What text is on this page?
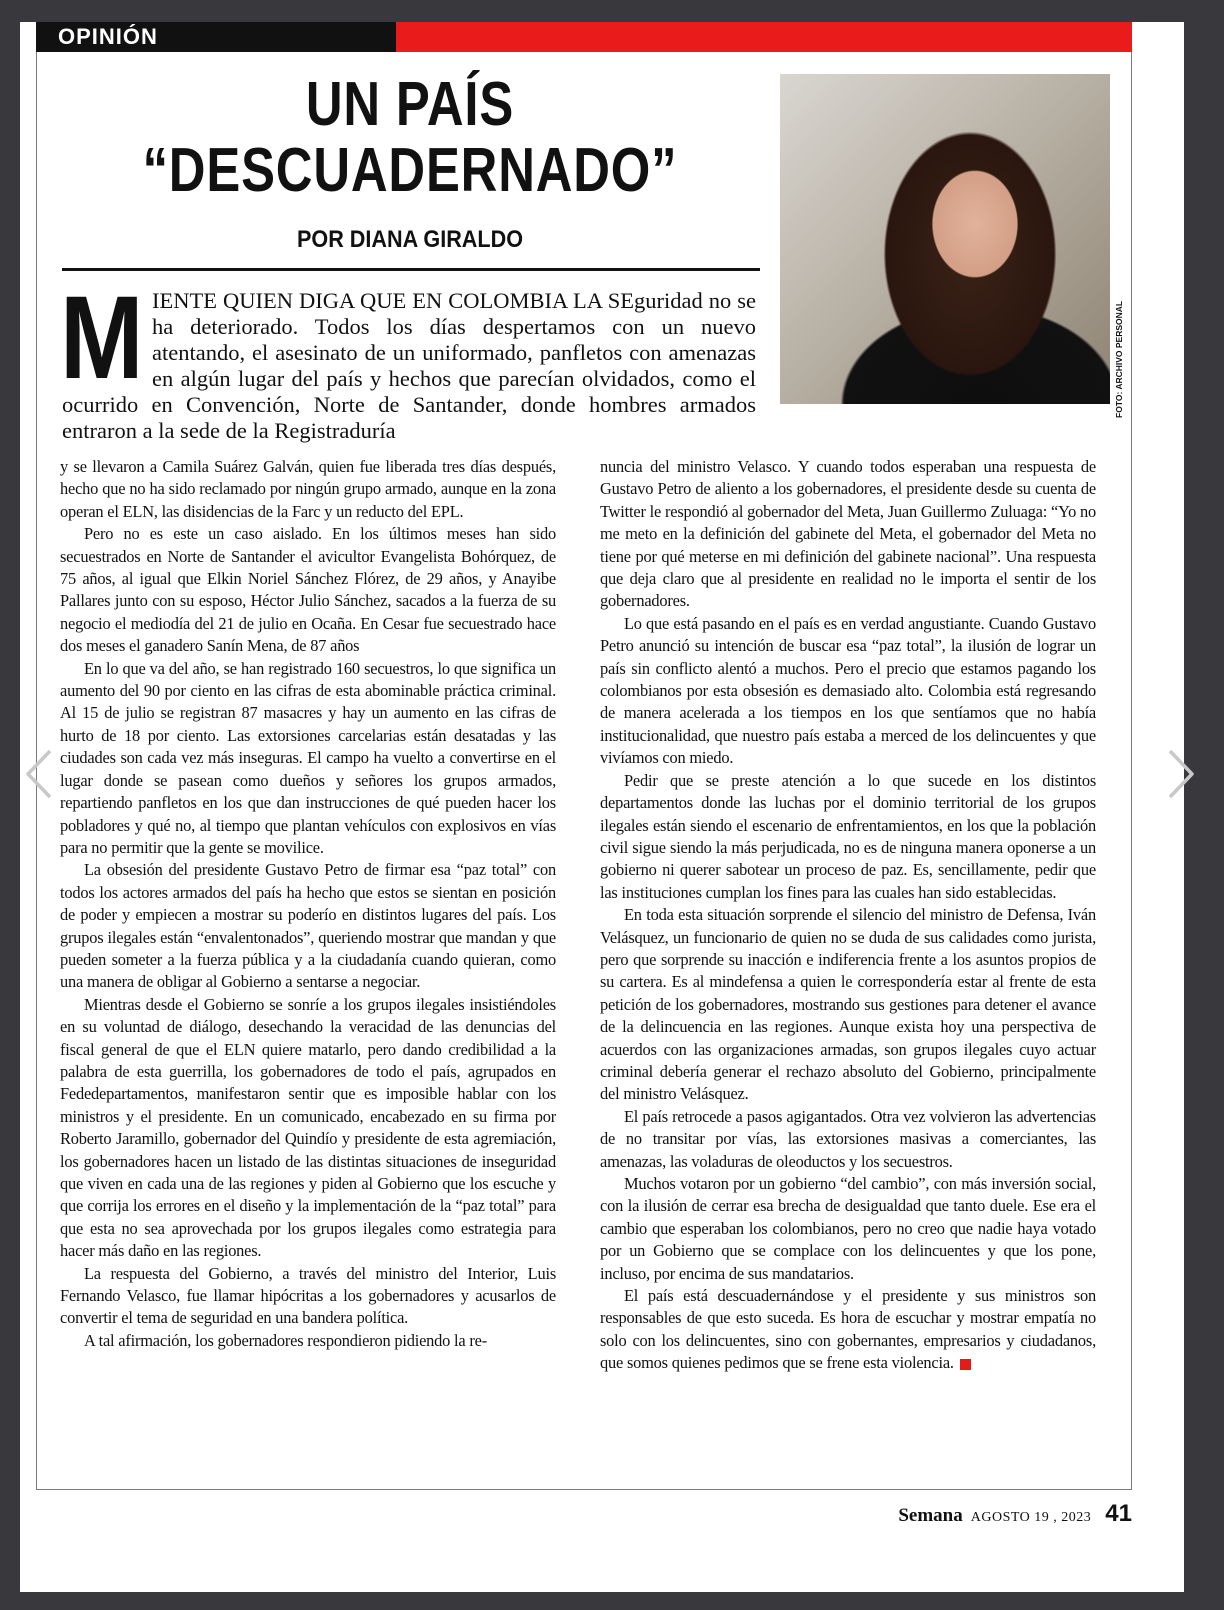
OPINIÓN
UN PAÍS
“DESCUADERNADO”
POR DIANA GIRALDO
FOTO: ARCHIVO PERSONAL
M IENTE QUIEN DIGA QUE EN COLOMBIA LA SEguridad no se ha deteriorado. Todos los días despertamos con un nuevo atentando, el asesinato de un uniformado, panfletos con amenazas en algún lugar del país y hechos que parecían olvidados, como el ocurrido en Convención, Norte de Santander, donde hombres armados entraron a la sede de la Registraduría

y se llevaron a Camila Suárez Galván, quien fue liberada tres días después, hecho que no ha sido reclamado por ningún grupo armado, aunque en la zona operan el ELN, las disidencias de la Farc y un reducto del EPL.

Pero no es este un caso aislado. En los últimos meses han sido secuestrados en Norte de Santander el avicultor Evangelista Bohórquez, de 75 años, al igual que Elkin Noriel Sánchez Flórez, de 29 años, y Anayibe Pallares junto con su esposo, Héctor Julio Sánchez, sacados a la fuerza de su negocio el mediodía del 21 de julio en Ocaña. En Cesar fue secuestrado hace dos meses el ganadero Sanín Mena, de 87 años

En lo que va del año, se han registrado 160 secuestros, lo que significa un aumento del 90 por ciento en las cifras de esta abominable práctica criminal. Al 15 de julio se registran 87 masacres y hay un aumento en las cifras de hurto de 18 por ciento. Las extorsiones carcelarias están desatadas y las ciudades son cada vez más inseguras. El campo ha vuelto a convertirse en el lugar donde se pasean como dueños y señores los grupos armados, repartiendo panfletos en los que dan instrucciones de qué pueden hacer los pobladores y qué no, al tiempo que plantan vehículos con explosivos en vías para no permitir que la gente se movilice.

La obsesión del presidente Gustavo Petro de firmar esa “paz total” con todos los actores armados del país ha hecho que estos se sientan en posición de poder y empiecen a mostrar su poderío en distintos lugares del país. Los grupos ilegales están “envalentonados”, queriendo mostrar que mandan y que pueden someter a la fuerza pública y a la ciudadanía cuando quieran, como una manera de obligar al Gobierno a sentarse a negociar.

Mientras desde el Gobierno se sonríe a los grupos ilegales insistiéndoles en su voluntad de diálogo, desechando la veracidad de las denuncias del fiscal general de que el ELN quiere matarlo, pero dando credibilidad a la palabra de esta guerrilla, los gobernadores de todo el país, agrupados en Fededepartamentos, manifestaron sentir que es imposible hablar con los ministros y el presidente. En un comunicado, encabezado en su firma por Roberto Jaramillo, gobernador del Quindío y presidente de esta agremiación, los gobernadores hacen un listado de las distintas situaciones de inseguridad que viven en cada una de las regiones y piden al Gobierno que los escuche y que corrija los errores en el diseño y la implementación de la “paz total” para que esta no sea aprovechada por los grupos ilegales como estrategia para hacer más daño en las regiones.

La respuesta del Gobierno, a través del ministro del Interior, Luis Fernando Velasco, fue llamar hipócritas a los gobernadores y acusarlos de convertir el tema de seguridad en una bandera política.

A tal afirmación, los gobernadores respondieron pidiendo la re-

nuncia del ministro Velasco. Y cuando todos esperaban una respuesta de Gustavo Petro de aliento a los gobernadores, el presidente desde su cuenta de Twitter le respondió al gobernador del Meta, Juan Guillermo Zuluaga: “Yo no me meto en la definición del gabinete del Meta, el gobernador del Meta no tiene por qué meterse en mi definición del gabinete nacional”. Una respuesta que deja claro que al presidente en realidad no le importa el sentir de los gobernadores.

Lo que está pasando en el país es en verdad angustiante. Cuando Gustavo Petro anunció su intención de buscar esa “paz total”, la ilusión de lograr un país sin conflicto alentó a muchos. Pero el precio que estamos pagando los colombianos por esta obsesión es demasiado alto. Colombia está regresando de manera acelerada a los tiempos en los que sentíamos que no había institucionalidad, que nuestro país estaba a merced de los delincuentes y que vivíamos con miedo.

Pedir que se preste atención a lo que sucede en los distintos departamentos donde las luchas por el dominio territorial de los grupos ilegales están siendo el escenario de enfrentamientos, en los que la población civil sigue siendo la más perjudicada, no es de ninguna manera oponerse a un gobierno ni querer sabotear un proceso de paz. Es, sencillamente, pedir que las instituciones cumplan los fines para las cuales han sido establecidas.

En toda esta situación sorprende el silencio del ministro de Defensa, Iván Velásquez, un funcionario de quien no se duda de sus calidades como jurista, pero que sorprende su inacción e indiferencia frente a los asuntos propios de su cartera. Es al mindefensa a quien le correspondería estar al frente de esta petición de los gobernadores, mostrando sus gestiones para detener el avance de la delincuencia en las regiones. Aunque exista hoy una perspectiva de acuerdos con las organizaciones armadas, son grupos ilegales cuyo actuar criminal debería generar el rechazo absoluto del Gobierno, principalmente del ministro Velásquez.

El país retrocede a pasos agigantados. Otra vez volvieron las advertencias de no transitar por vías, las extorsiones masivas a comerciantes, las amenazas, las voladuras de oleoductos y los secuestros.

Muchos votaron por un gobierno “del cambio”, con más inversión social, con la ilusión de cerrar esa brecha de desigualdad que tanto duele. Ese era el cambio que esperaban los colombianos, pero no creo que nadie haya votado por un Gobierno que se complace con los delincuentes y que los pone, incluso, por encima de sus mandatarios.

El país está descuadernándose y el presidente y sus ministros son responsables de que esto suceda. Es hora de escuchar y mostrar empatía no solo con los delincuentes, sino con gobernantes, empresarios y ciudadanos, que somos quienes pedimos que se frene esta violencia.

Semana AGOSTO 19 , 2023 41
